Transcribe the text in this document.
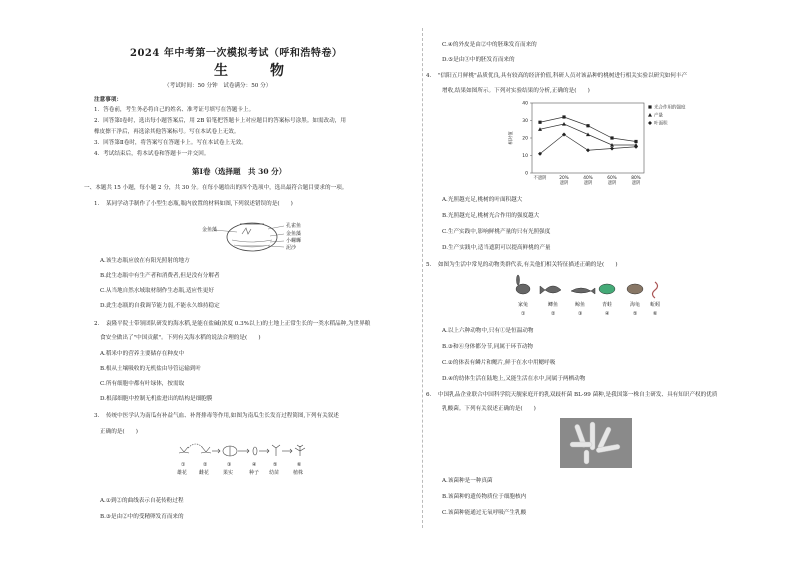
2024 年中考第一次模拟考试（呼和浩特卷）
生　物
（考试时间：50 分钟　试卷满分：50 分）
注意事项：
1．答卷前，考生务必将自己的姓名、准考证号填写在答题卡上。
2．回答第Ⅰ卷时，选出每小题答案后，用 2B 铅笔把答题卡上对应题目的答案标号涂黑。如需改动，用
橡皮擦干净后，再选涂其他答案标号。写在本试卷上无效。
3．回答第Ⅱ卷时，将答案写在答题卡上。写在本试卷上无效。
4．考试结束后，将本试卷和答题卡一并交回。
第Ⅰ卷（选择题　共 30 分）
一、本题共 15 小题，每小题 2 分，共 30 分。在每小题给出的四个选项中，选出最符合题目要求的一项。
1．　某同学动手制作了小型生态瓶,瓶内放置的材料如图,下列叙述错误的是(　　)
金鱼藻
孔雀鱼
金鱼藻
小螺蛳
泥沙
A.该生态瓶应放在有阳光照射的地方
B.此生态瓶中有生产者和消费者,但是没有分解者
C.从当地自然水域取材制作生态瓶,适应性更好
D.此生态瓶的自我调节能力弱,不能永久维持稳定
2．　袁隆平院士带领团队研发的海水稻,是能在盐碱(浓度 0.3%以上)的土地上正常生长的一类水稻品种,为世界粮
食安全做出了"中国贡献"。下列有关海水稻的说法合理的是(　　)
A.稻米中的营养主要储存在种皮中
B.根从土壤吸收的无机盐由导管运输到叶
C.所有细胞中都有叶绿体，按需取
D.根部细胞中控制无机盐进出的结构是细胞膜
3．　传统中医学认为南瓜有补益气血、补肾排毒等作用,如图为南瓜生长发育过程简图,下列有关叙述
正确的是(　　)
①	②	③	④	⑤	⑥
雄花 雌花	果实	种子 幼苗	植株
A.①到②的曲线表示自花传粉过程
B.③是由②中的受精卵发育而来的
C.④的外皮是由②中的胚珠发育而来的
D.⑤是由③中的胚发育而来的
4．　"信阳五月鲜桃"品质优良,具有较高的经济价值,科研人员对该品种的桃树进行相关实验以研究如何丰产
增收,结果如图所示。下列对实验结果的分析,正确的是(　　)
0
10
20
30
40
相对值
不遮阴	20%
遮阴
40%
遮阴
60%
遮阴
80%
遮阴
光合作用的强度
产量
叶面积
A.光照越充足,桃树的叶面积越大
B.光照越充足,桃树光合作用的强度越大
C.生产实践中,影响鲜桃产量的只有光照强度
D.生产实践中,适当遮阴可以提高鲜桃的产量
5．　如图为生活中常见的动物类群代表,有关他们相关特征描述正确的是(　　)
家兔	鲫鱼	鲸鱼	青蛙	海龟 蚯蚓
①	②	③	④	⑤	⑥
A.以上六种动物中,只有①是恒温动物
B.③和⑥身体都分节,同属于环节动物
C.②的体表有鳞片和鳃片,鲜于在水中用鳃呼吸
D.④的幼体生活在陆地上,又能生活在水中,同属于两栖动物
6．　中国乳品企业联合中国科学院天舰家庭开的乳双歧杆菌 BL-99 菌种,是我国第一株自主研发、具有知识产权的优质
乳酸菌。下列有关叙述正确的是(　　)
A.该菌种是一种真菌
B.该菌种的遗传物质位于细胞核内
C.该菌种能通过无氧呼吸产生乳酸
